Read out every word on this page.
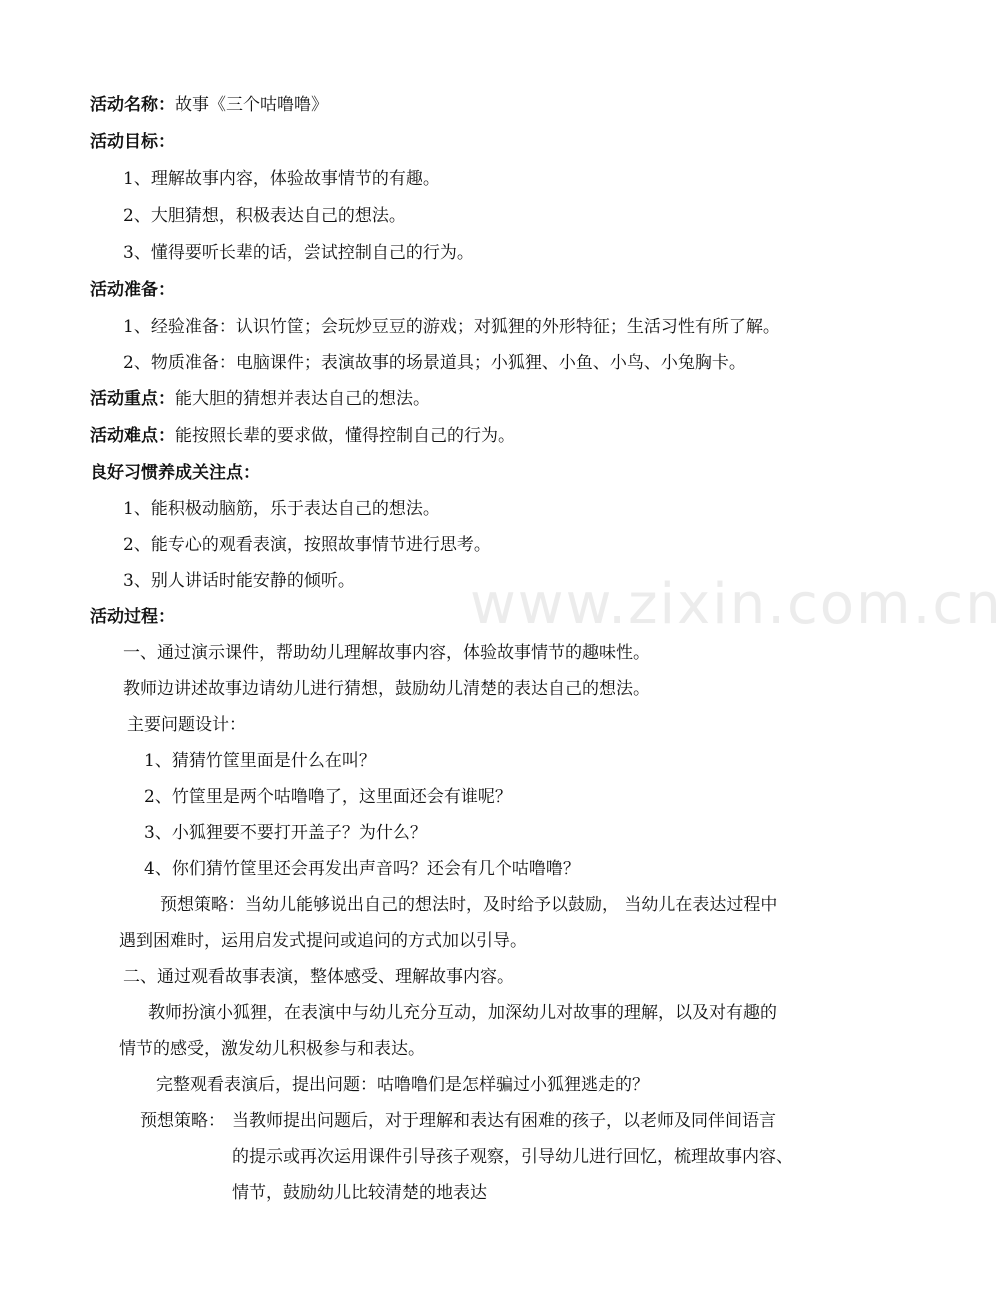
www.zixin.com.cn
活动名称：故事《三个咕噜噜》
活动目标：
1、理解故事内容，体验故事情节的有趣。
2、大胆猜想，积极表达自己的想法。
3、懂得要听长辈的话，尝试控制自己的行为。
活动准备：
1、经验准备：认识竹筐；会玩炒豆豆的游戏；对狐狸的外形特征；生活习性有所了解。
2、物质准备：电脑课件；表演故事的场景道具；小狐狸、小鱼、小鸟、小兔胸卡。
活动重点：能大胆的猜想并表达自己的想法。
活动难点：能按照长辈的要求做，懂得控制自己的行为。
良好习惯养成关注点：
1、能积极动脑筋，乐于表达自己的想法。
2、能专心的观看表演，按照故事情节进行思考。
3、别人讲话时能安静的倾听。
活动过程：
一、通过演示课件，帮助幼儿理解故事内容，体验故事情节的趣味性。
教师边讲述故事边请幼儿进行猜想，鼓励幼儿清楚的表达自己的想法。
主要问题设计：
1、猜猜竹筐里面是什么在叫？
2、竹筐里是两个咕噜噜了，这里面还会有谁呢？
3、小狐狸要不要打开盖子？为什么？
4、你们猜竹筐里还会再发出声音吗？还会有几个咕噜噜？
预想策略：当幼儿能够说出自己的想法时，及时给予以鼓励， 当幼儿在表达过程中
遇到困难时，运用启发式提问或追问的方式加以引导。
二、通过观看故事表演，整体感受、理解故事内容。
教师扮演小狐狸，在表演中与幼儿充分互动，加深幼儿对故事的理解，以及对有趣的
情节的感受，激发幼儿积极参与和表达。
完整观看表演后，提出问题：咕噜噜们是怎样骗过小狐狸逃走的？
预想策略： 当教师提出问题后，对于理解和表达有困难的孩子，以老师及同伴间语言
的提示或再次运用课件引导孩子观察，引导幼儿进行回忆，梳理故事内容、
情节，鼓励幼儿比较清楚的地表达
